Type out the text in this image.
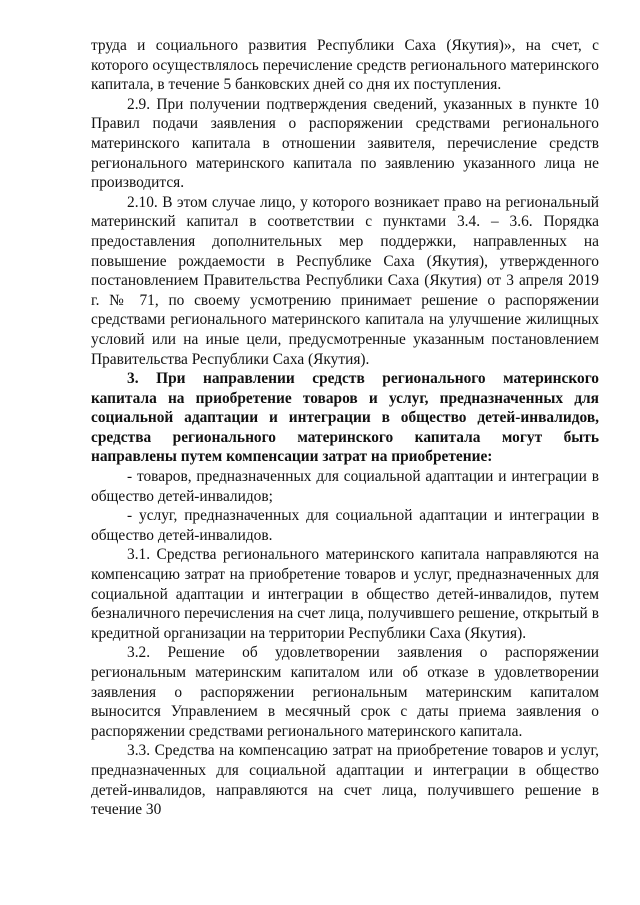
труда и социального развития Республики Саха (Якутия)», на счет, с которого осуществлялось перечисление средств регионального материнского капитала, в течение 5 банковских дней со дня их поступления.

2.9. При получении подтверждения сведений, указанных в пункте 10 Правил подачи заявления о распоряжении средствами регионального материнского капитала в отношении заявителя, перечисление средств регионального материнского капитала по заявлению указанного лица не производится.

2.10. В этом случае лицо, у которого возникает право на региональный материнский капитал в соответствии с пунктами 3.4. – 3.6. Порядка предоставления дополнительных мер поддержки, направленных на повышение рождаемости в Республике Саха (Якутия), утвержденного постановлением Правительства Республики Саха (Якутия) от 3 апреля 2019 г. № 71, по своему усмотрению принимает решение о распоряжении средствами регионального материнского капитала на улучшение жилищных условий или на иные цели, предусмотренные указанным постановлением Правительства Республики Саха (Якутия).

3. При направлении средств регионального материнского капитала на приобретение товаров и услуг, предназначенных для социальной адаптации и интеграции в общество детей-инвалидов, средства регионального материнского капитала могут быть направлены путем компенсации затрат на приобретение:

- товаров, предназначенных для социальной адаптации и интеграции в общество детей-инвалидов;

- услуг, предназначенных для социальной адаптации и интеграции в общество детей-инвалидов.

3.1. Средства регионального материнского капитала направляются на компенсацию затрат на приобретение товаров и услуг, предназначенных для социальной адаптации и интеграции в общество детей-инвалидов, путем безналичного перечисления на счет лица, получившего решение, открытый в кредитной организации на территории Республики Саха (Якутия).

3.2. Решение об удовлетворении заявления о распоряжении региональным материнским капиталом или об отказе в удовлетворении заявления о распоряжении региональным материнским капиталом выносится Управлением в месячный срок с даты приема заявления о распоряжении средствами регионального материнского капитала.

3.3. Средства на компенсацию затрат на приобретение товаров и услуг, предназначенных для социальной адаптации и интеграции в общество детей-инвалидов, направляются на счет лица, получившего решение в течение 30
